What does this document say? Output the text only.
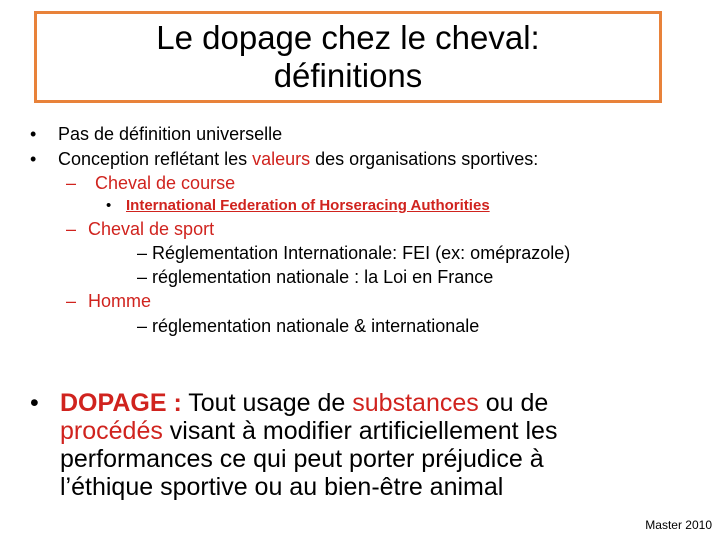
Le dopage chez le cheval:
définitions
• Pas de définition universelle
• Conception reflétant les valeurs des organisations sportives:
– Cheval de course
• International Federation of Horseracing Authorities
– Cheval de sport
– Réglementation Internationale: FEI (ex: oméprazole)
– réglementation nationale : la Loi en France
– Homme
– réglementation nationale & internationale
• DOPAGE : Tout usage de substances ou de
procédés visant à modifier artificiellement les
performances ce qui peut porter préjudice à
l’éthique sportive ou au bien-être animal
Master 2010
